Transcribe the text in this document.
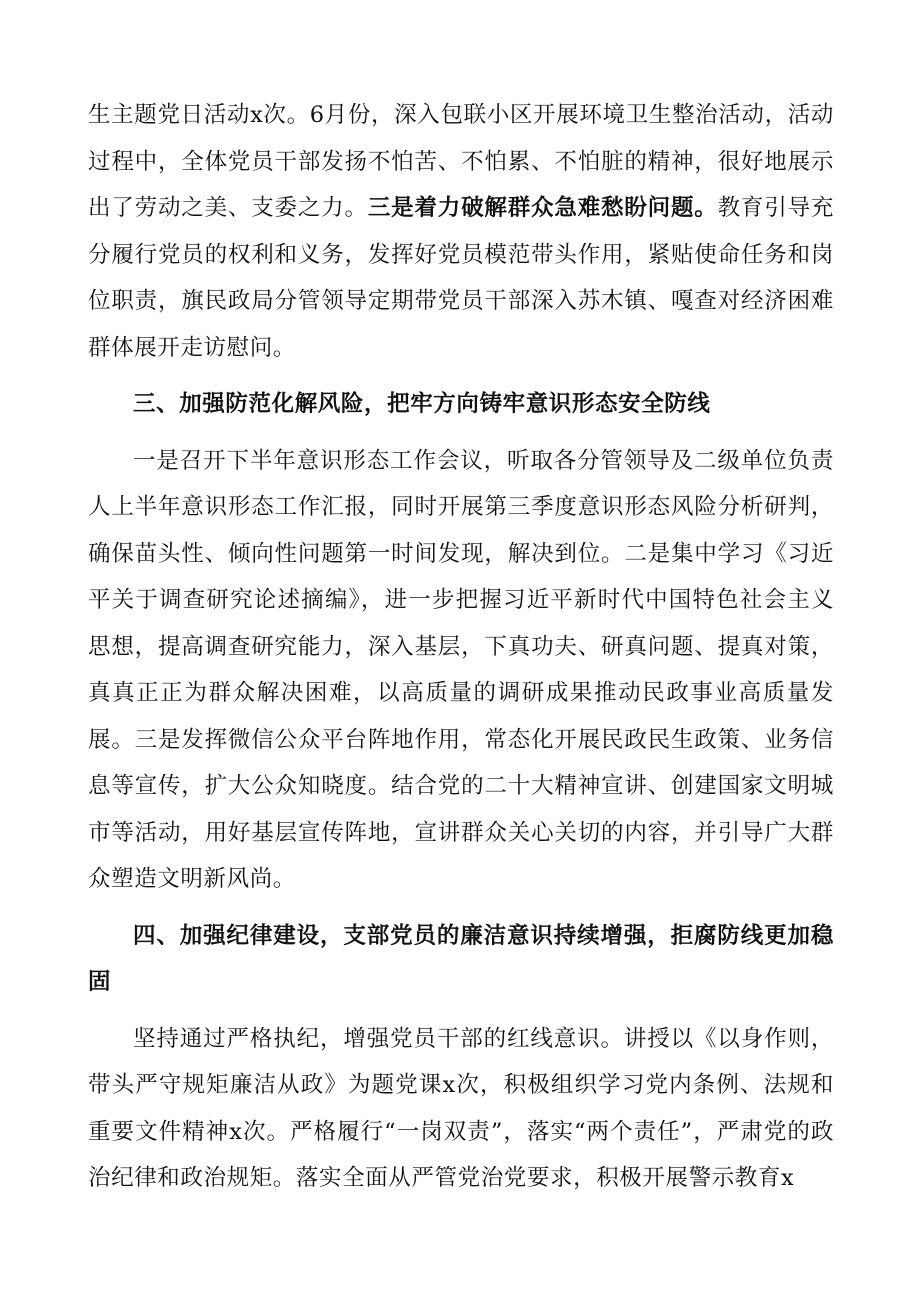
生主题党日活动x次。6月份，深入包联小区开展环境卫生整治活动，活动过程中，全体党员干部发扬不怕苦、不怕累、不怕脏的精神，很好地展示出了劳动之美、支委之力。三是着力破解群众急难愁盼问题。教育引导充分履行党员的权利和义务，发挥好党员模范带头作用，紧贴使命任务和岗位职责，旗民政局分管领导定期带党员干部深入苏木镇、嘎查对经济困难群体展开走访慰问。

三、加强防范化解风险，把牢方向铸牢意识形态安全防线

一是召开下半年意识形态工作会议，听取各分管领导及二级单位负责人上半年意识形态工作汇报，同时开展第三季度意识形态风险分析研判，确保苗头性、倾向性问题第一时间发现，解决到位。二是集中学习《习近平关于调查研究论述摘编》，进一步把握习近平新时代中国特色社会主义思想，提高调查研究能力，深入基层，下真功夫、研真问题、提真对策，真真正正为群众解决困难，以高质量的调研成果推动民政事业高质量发展。三是发挥微信公众平台阵地作用，常态化开展民政民生政策、业务信息等宣传，扩大公众知晓度。结合党的二十大精神宣讲、创建国家文明城市等活动，用好基层宣传阵地，宣讲群众关心关切的内容，并引导广大群众塑造文明新风尚。

四、加强纪律建设，支部党员的廉洁意识持续增强，拒腐防线更加稳固

坚持通过严格执纪，增强党员干部的红线意识。讲授以《以身作则，带头严守规矩廉洁从政》为题党课x次，积极组织学习党内条例、法规和重要文件精神x次。严格履行“一岗双责”，落实“两个责任”，严肃党的政治纪律和政治规矩。落实全面从严管党治党要求，积极开展警示教育x
